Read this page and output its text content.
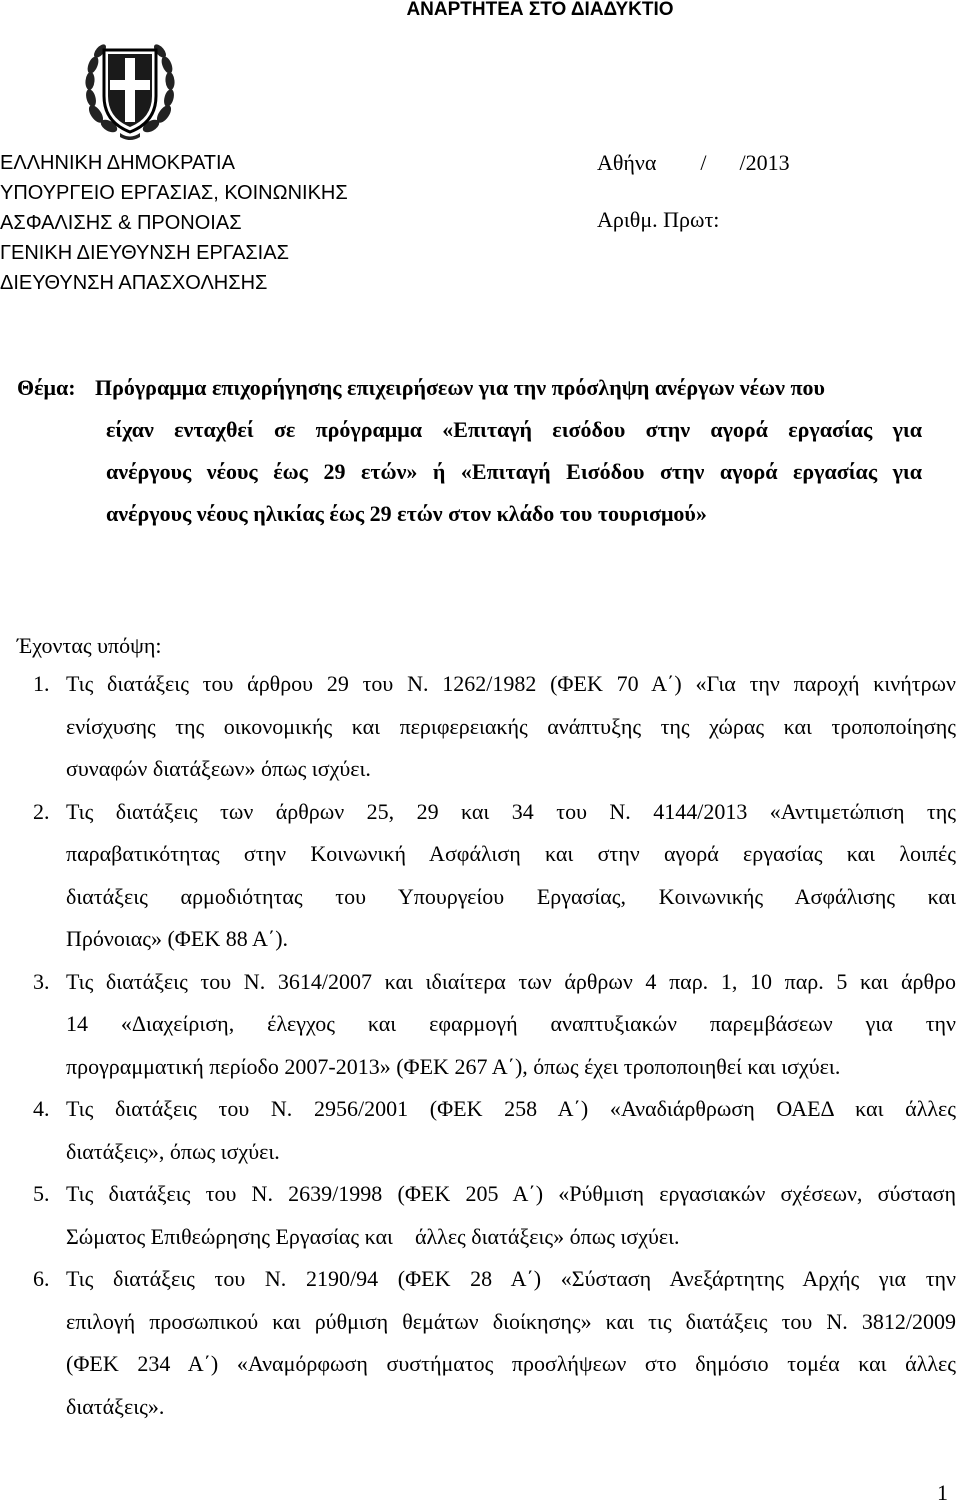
ΑΝΑΡΤΗΤΕΑ ΣΤΟ ΔΙΑΔΥΚΤΙΟ
ΕΛΛΗΝΙΚΗ ΔΗΜΟΚΡΑΤΙΑ
ΥΠΟΥΡΓΕΙΟ ΕΡΓΑΣΙΑΣ, ΚΟΙΝΩΝΙΚΗΣ
ΑΣΦΑΛΙΣΗΣ & ΠΡΟΝΟΙΑΣ
ΓΕΝΙΚΗ ΔΙΕΥΘΥΝΣΗ ΕΡΓΑΣΙΑΣ
ΔΙΕΥΘΥΝΣΗ ΑΠΑΣΧΟΛΗΣΗΣ
Αθήνα        /      /2013
Αριθμ. Πρωτ:
Θέμα: Πρόγραμμα επιχορήγησης επιχειρήσεων για την πρόσληψη ανέργων νέων που
είχαν ενταχθεί σε πρόγραμμα «Επιταγή εισόδου στην αγορά εργασίας για
ανέργους νέους έως 29 ετών» ή «Επιταγή Εισόδου στην αγορά εργασίας για
ανέργους νέους ηλικίας έως 29 ετών στον κλάδο του τουρισμού»
Έχοντας υπόψη:
1. Τις διατάξεις του άρθρου 29 του Ν. 1262/1982 (ΦΕΚ 70 Α΄) «Για την παροχή κινήτρων
ενίσχυσης της οικονομικής και περιφερειακής ανάπτυξης της χώρας και τροποποίησης
συναφών διατάξεων» όπως ισχύει.
2. Τις διατάξεις των άρθρων 25, 29 και 34 του Ν. 4144/2013 «Αντιμετώπιση της
παραβατικότητας στην Κοινωνική Ασφάλιση και στην αγορά εργασίας και λοιπές
διατάξεις αρμοδιότητας του Υπουργείου Εργασίας, Κοινωνικής Ασφάλισης και
Πρόνοιας» (ΦΕΚ 88 Α΄).
3. Τις διατάξεις του Ν. 3614/2007 και ιδιαίτερα των άρθρων 4 παρ. 1, 10 παρ. 5 και άρθρο
14 «Διαχείριση, έλεγχος και εφαρμογή αναπτυξιακών παρεμβάσεων για την
προγραμματική περίοδο 2007-2013» (ΦΕΚ 267 Α΄), όπως έχει τροποποιηθεί και ισχύει.
4. Τις διατάξεις του Ν. 2956/2001 (ΦΕΚ 258 Α΄) «Αναδιάρθρωση ΟΑΕΔ και άλλες
διατάξεις», όπως ισχύει.
5. Τις διατάξεις του Ν. 2639/1998 (ΦΕΚ 205 Α΄) «Ρύθμιση εργασιακών σχέσεων, σύσταση
Σώματος Επιθεώρησης Εργασίας και    άλλες διατάξεις» όπως ισχύει.
6. Τις διατάξεις του Ν. 2190/94 (ΦΕΚ 28 Α΄) «Σύσταση Ανεξάρτητης Αρχής για την
επιλογή προσωπικού και ρύθμιση θεμάτων διοίκησης» και τις διατάξεις του Ν. 3812/2009
(ΦΕΚ 234 Α΄) «Αναμόρφωση συστήματος προσλήψεων στο δημόσιο τομέα και άλλες
διατάξεις».
1
